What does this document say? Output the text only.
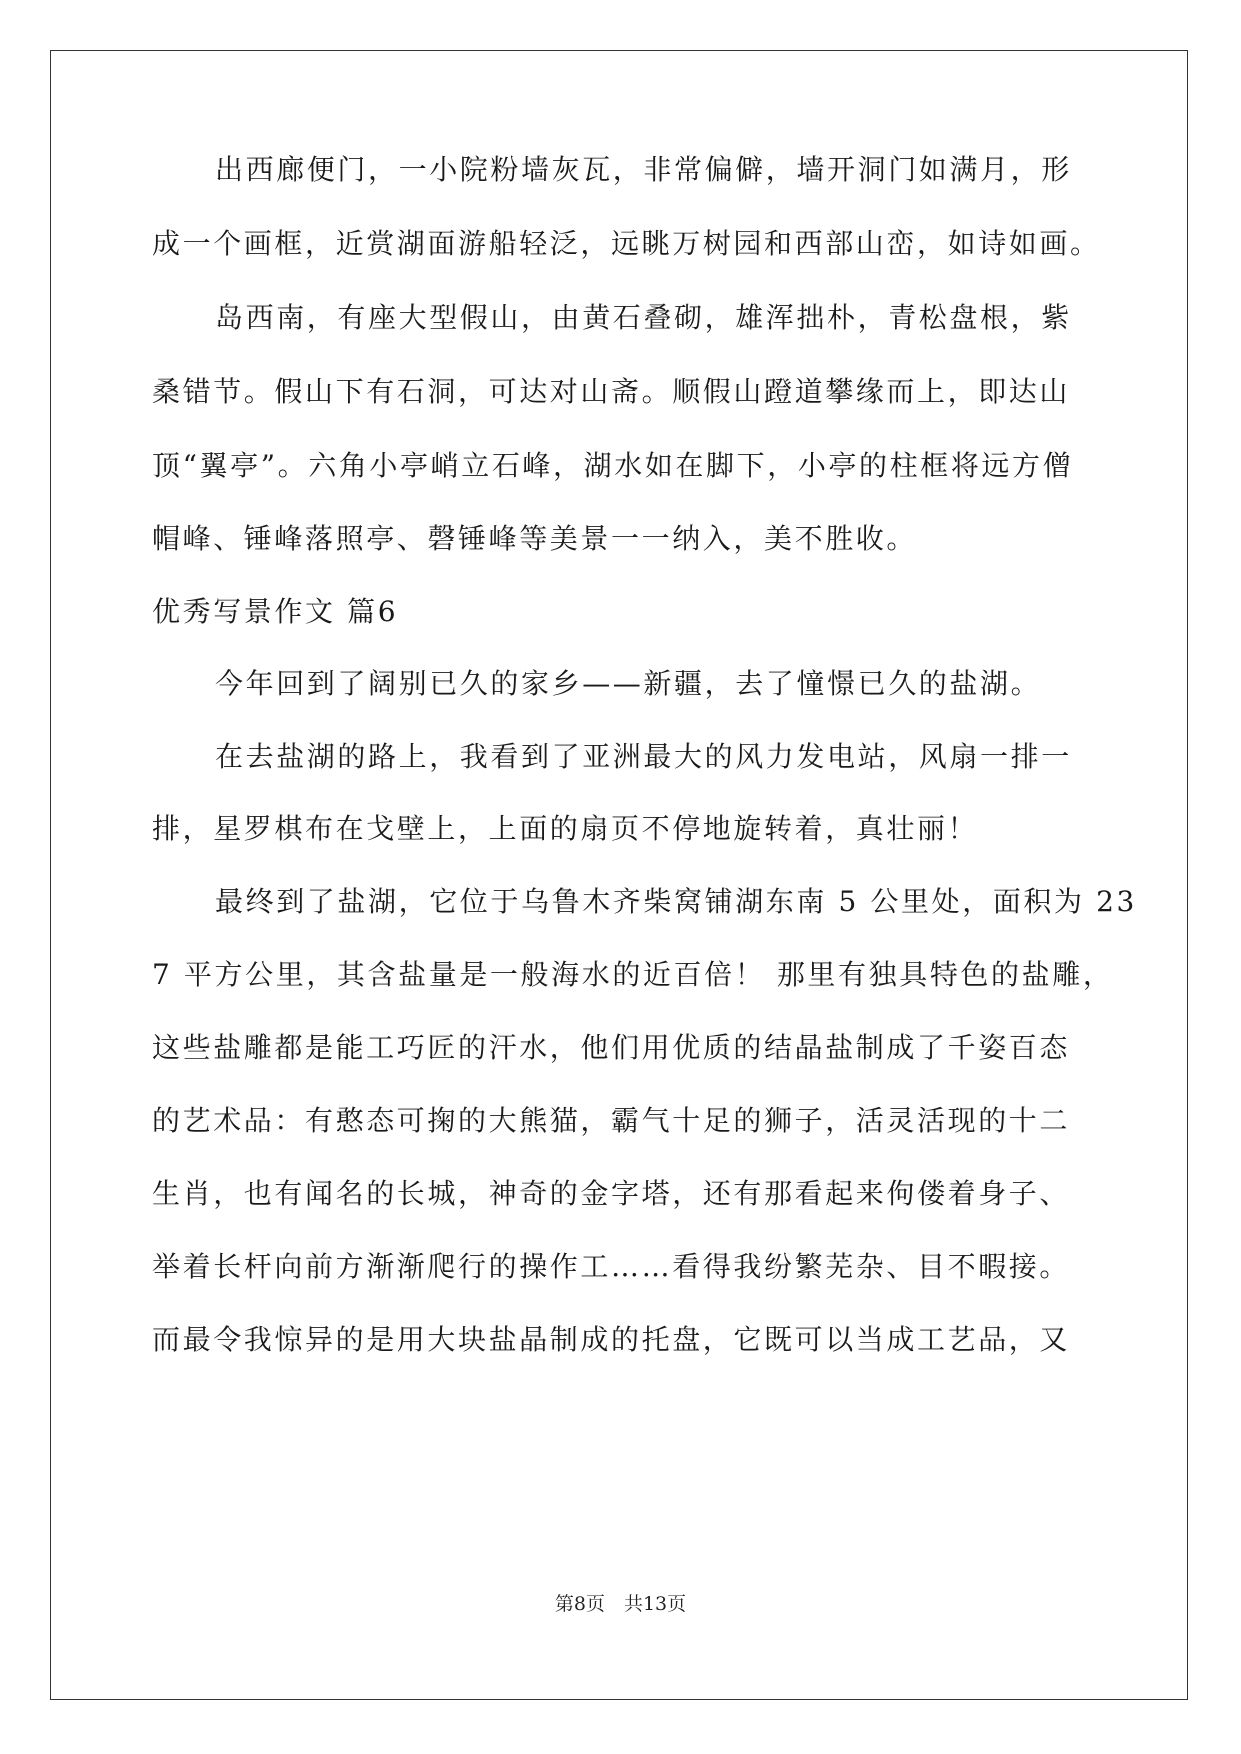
出西廊便门，一小院粉墙灰瓦，非常偏僻，墙开洞门如满月，形
成一个画框，近赏湖面游船轻泛，远眺万树园和西部山峦，如诗如画。
岛西南，有座大型假山，由黄石叠砌，雄浑拙朴，青松盘根，紫
桑错节。假山下有石洞，可达对山斋。顺假山蹬道攀缘而上，即达山
顶“翼亭”。六角小亭峭立石峰，湖水如在脚下，小亭的柱框将远方僧
帽峰、锤峰落照亭、磬锤峰等美景一一纳入，美不胜收。
优秀写景作文 篇6
今年回到了阔别已久的家乡——新疆，去了憧憬已久的盐湖。
在去盐湖的路上，我看到了亚洲最大的风力发电站，风扇一排一
排，星罗棋布在戈壁上，上面的扇页不停地旋转着，真壮丽！
最终到了盐湖，它位于乌鲁木齐柴窝铺湖东南 5 公里处，面积为 23
7 平方公里，其含盐量是一般海水的近百倍！ 那里有独具特色的盐雕，
这些盐雕都是能工巧匠的汗水，他们用优质的结晶盐制成了千姿百态
的艺术品：有憨态可掬的大熊猫，霸气十足的狮子，活灵活现的十二
生肖，也有闻名的长城，神奇的金字塔，还有那看起来佝偻着身子、
举着长杆向前方渐渐爬行的操作工……看得我纷繁芜杂、目不暇接。
而最令我惊异的是用大块盐晶制成的托盘，它既可以当成工艺品，又
第8页　共13页
